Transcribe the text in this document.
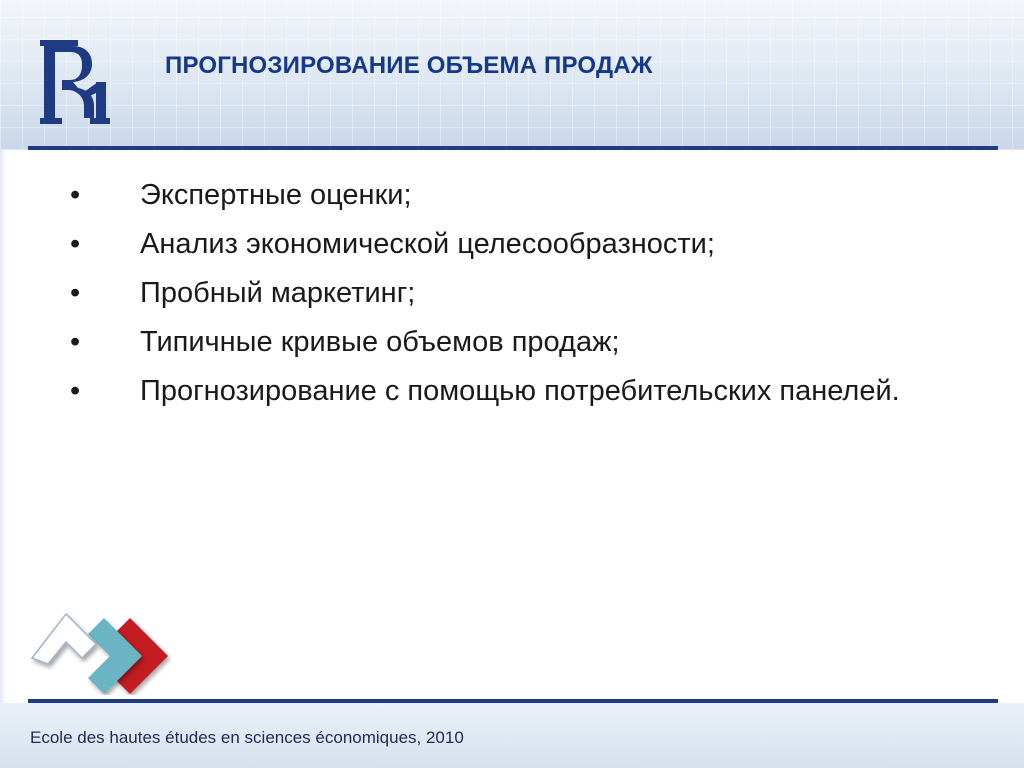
ПРОГНОЗИРОВАНИЕ ОБЪЕМА ПРОДАЖ
• Экспертные оценки;
• Анализ экономической целесообразности;
• Пробный маркетинг;
• Типичные кривые объемов продаж;
• Прогнозирование с помощью потребительских панелей.

Ecole des hautes études en sciences économiques, 2010
